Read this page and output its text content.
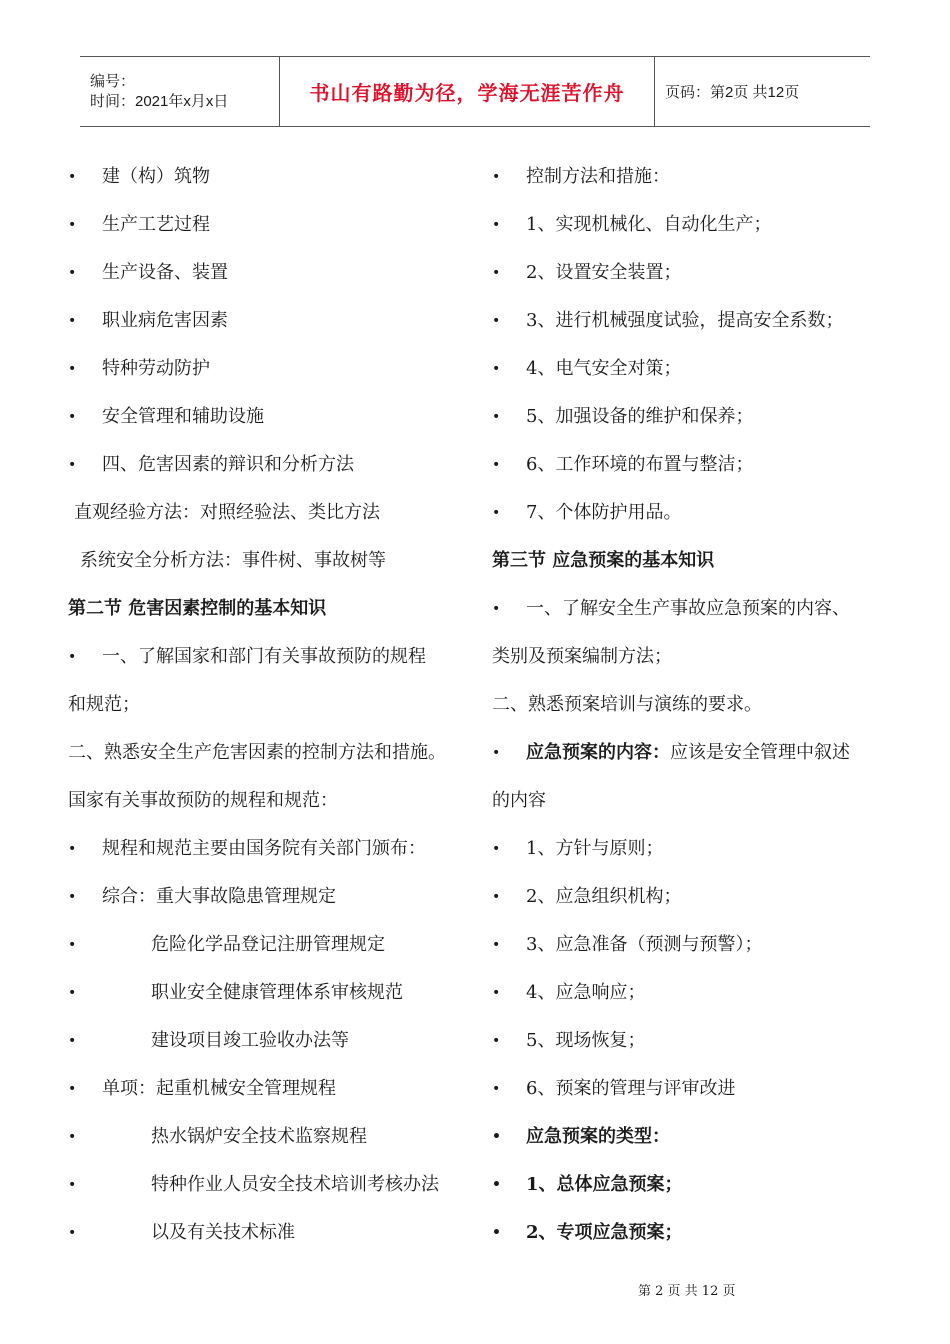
编号：
时间：2021年x月x日	书山有路勤为径，学海无涯苦作舟	页码：第2页 共12页
• 建（构）筑物
• 生产工艺过程
• 生产设备、装置
• 职业病危害因素
• 特种劳动防护
• 安全管理和辅助设施
• 四、危害因素的辩识和分析方法
直观经验方法：对照经验法、类比方法
系统安全分析方法：事件树、事故树等
第二节 危害因素控制的基本知识
• 一、了解国家和部门有关事故预防的规程
和规范；
二、熟悉安全生产危害因素的控制方法和措施。
国家有关事故预防的规程和规范：
• 规程和规范主要由国务院有关部门颁布：
• 综合：重大事故隐患管理规定
•	危险化学品登记注册管理规定
•	职业安全健康管理体系审核规范
•	建设项目竣工验收办法等
• 单项：起重机械安全管理规程
•	热水锅炉安全技术监察规程
•	特种作业人员安全技术培训考核办法
•	以及有关技术标准
• 控制方法和措施：
• 1、实现机械化、自动化生产；
• 2、设置安全装置；
• 3、进行机械强度试验，提高安全系数；
• 4、电气安全对策；
• 5、加强设备的维护和保养；
• 6、工作环境的布置与整洁；
• 7、个体防护用品。
第三节 应急预案的基本知识
• 一、了解安全生产事故应急预案的内容、
类别及预案编制方法；
二、熟悉预案培训与演练的要求。
• 应急预案的内容：应该是安全管理中叙述
的内容
• 1、方针与原则；
• 2、应急组织机构；
• 3、应急准备（预测与预警）；
• 4、应急响应；
• 5、现场恢复；
• 6、预案的管理与评审改进
• 应急预案的类型：
• 1、总体应急预案；
• 2、专项应急预案；
第 2 页 共 12 页
